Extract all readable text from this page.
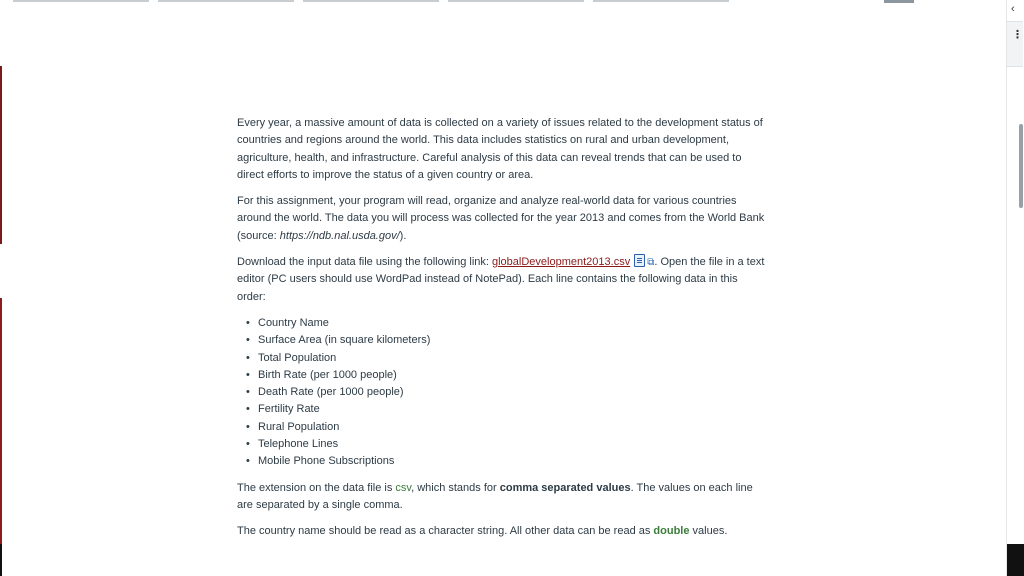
‹
⋮

Every year, a massive amount of data is collected on a variety of issues related to the development status of countries and regions around the world. This data includes statistics on rural and urban development, agriculture, health, and infrastructure. Careful analysis of this data can reveal trends that can be used to direct efforts to improve the status of a given country or area.

For this assignment, your program will read, organize and analyze real-world data for various countries around the world. The data you will process was collected for the year 2013 and comes from the World Bank (source: https://ndb.nal.usda.gov/).

Download the input data file using the following link: globalDevelopment2013.csv ⧉. Open the file in a text editor (PC users should use WordPad instead of NotePad). Each line contains the following data in this order:

• Country Name
• Surface Area (in square kilometers)
• Total Population
• Birth Rate (per 1000 people)
• Death Rate (per 1000 people)
• Fertility Rate
• Rural Population
• Telephone Lines
• Mobile Phone Subscriptions

The extension on the data file is csv, which stands for comma separated values. The values on each line are separated by a single comma.

The country name should be read as a character string. All other data can be read as double values.
